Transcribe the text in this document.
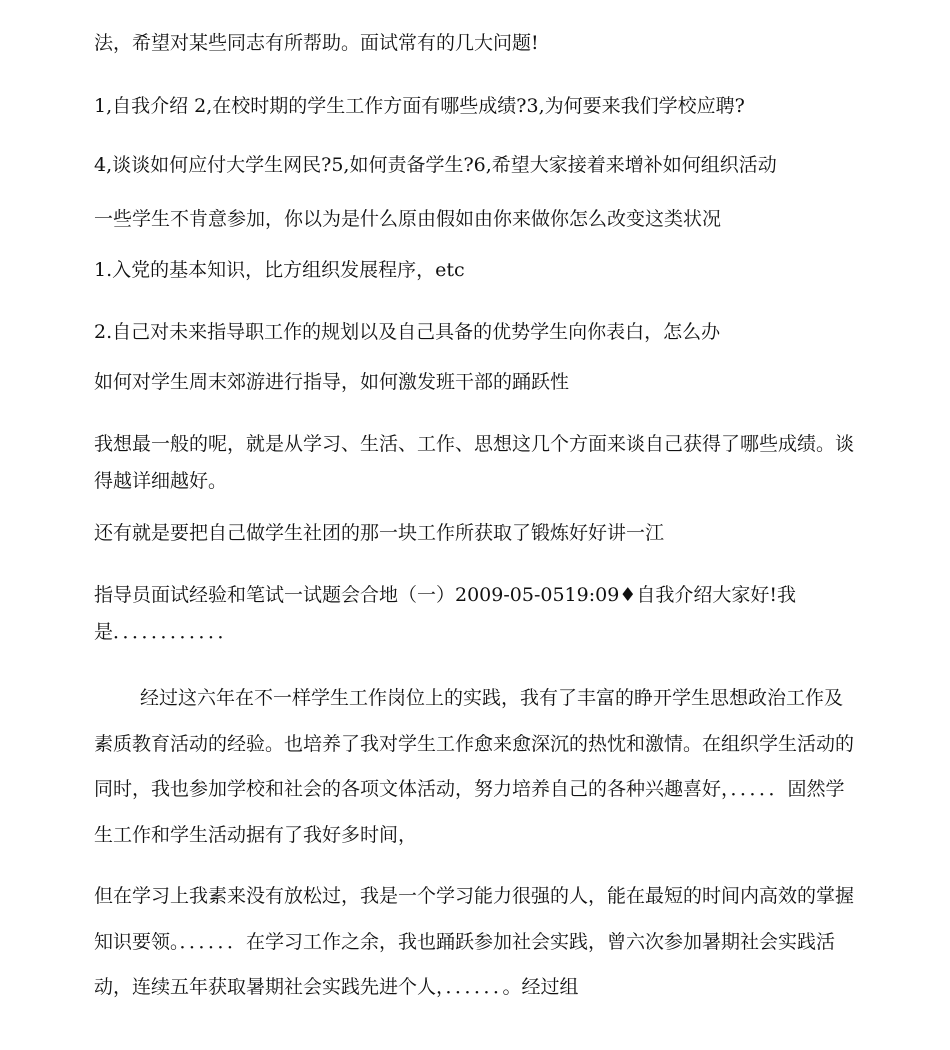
法，希望对某些同志有所帮助。面试常有的几大问题!

1,自我介绍 2,在校时期的学生工作方面有哪些成绩?3,为何要来我们学校应聘?

4,谈谈如何应付大学生网民?5,如何责备学生?6,希望大家接着来增补如何组织活动

一些学生不肯意参加，你以为是什么原由假如由你来做你怎么改变这类状况

1.入党的基本知识，比方组织发展程序，etc

2.自己对未来指导职工作的规划以及自己具备的优势学生向你表白，怎么办

如何对学生周末郊游进行指导，如何激发班干部的踊跃性

我想最一般的呢，就是从学习、生活、工作、思想这几个方面来谈自己获得了哪些成绩。谈得越详细越好。

还有就是要把自己做学生社团的那一块工作所获取了锻炼好好讲一江

指导员面试经验和笔试一试题会合地（一）2009-05-0519:09♦自我介绍大家好!我是．．．．．．．．．．．．

经过这六年在不一样学生工作岗位上的实践，我有了丰富的睁开学生思想政治工作及素质教育活动的经验。也培养了我对学生工作愈来愈深沉的热忱和激情。在组织学生活动的同时，我也参加学校和社会的各项文体活动，努力培养自己的各种兴趣喜好，．．．．．固然学生工作和学生活动据有了我好多时间，

但在学习上我素来没有放松过，我是一个学习能力很强的人，能在最短的时间内高效的掌握知识要领。．．．．．．在学习工作之余，我也踊跃参加社会实践，曾六次参加暑期社会实践活动，连续五年获取暑期社会实践先进个人，．．．．．．。经过组
